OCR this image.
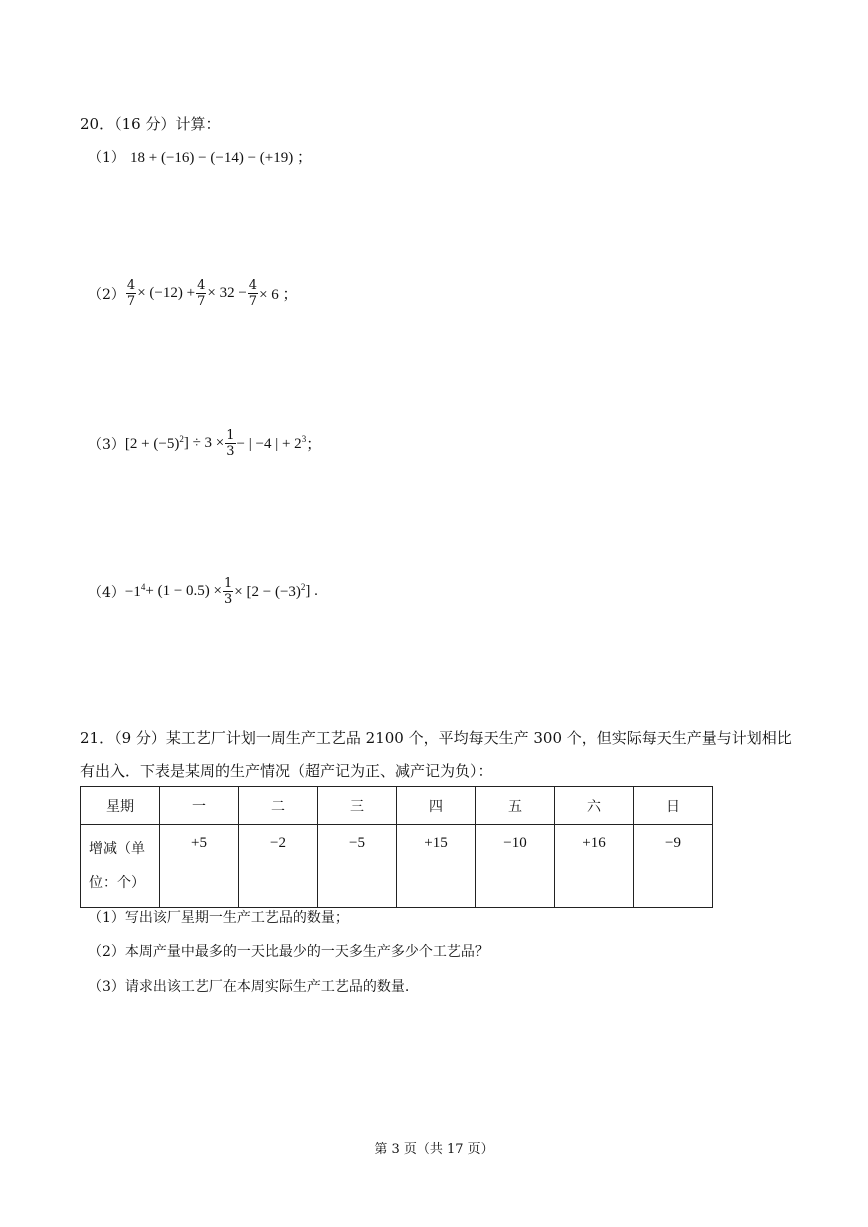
20．（16 分）计算：
（1） 18 + (−16) − (−14) − (+19) ；
$(2) \frac{4}{7} \times (-12) + \frac{4}{7} \times 32 - \frac{4}{7} \times 6$ ；
（3） [$2 + (-5)^2$ ] ÷ $3 \times \frac{1}{3}$ − | −4 | + $2^3$ ；
$(4) -1^4 + (1 - 0.5) \times \frac{1}{3} \times [2 - (-3)^2$ ] .
21．（9 分）某工艺厂计划一周生产工艺品 2100 个，平均每天生产 300 个，但实际每天生产量与计划相比
有出入．下表是某周的生产情况（超产记为正、减产记为负）：
星期	一	二	三	四	五	六	日
增减（单位：个）	+5	−2	−5	+15	−10	+16	−9
（1）写出该厂星期一生产工艺品的数量；
（2）本周产量中最多的一天比最少的一天多生产多少个工艺品？
（3）请求出该工艺厂在本周实际生产工艺品的数量.
第 3 页（共 17 页）
